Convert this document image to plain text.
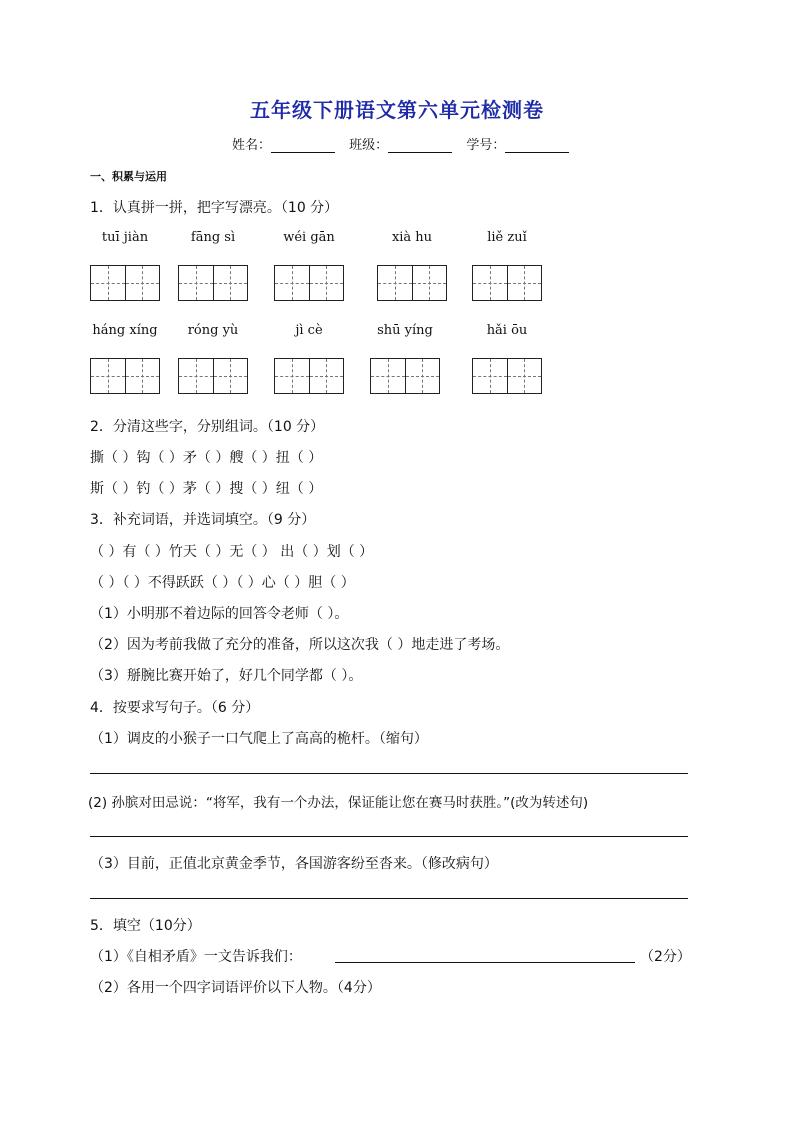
五年级下册语文第六单元检测卷
姓名：	班级：	学号：
一、积累与运用
1．认真拼一拼，把字写漂亮。（10 分）
tuī jiàn	fāng sì	wéi gān	xià hu	liě zuǐ
háng xíng	róng yù	jì cè	shū yíng	hǎi ōu
2．分清这些字，分别组词。（10 分）
撕（ ）钩（ ）矛（ ）艘（ ）扭（ ）
斯（ ）钓（ ）茅（ ）搜（ ）纽（ ）
3．补充词语，并选词填空。（9 分）
（ ）有（ ）竹天（ ）无（ ） 出（ ）划（ ）
（ ）（ ）不得跃跃（ ）（ ）心（ ）胆（ ）
（1）小明那不着边际的回答令老师（ ）。
（2）因为考前我做了充分的准备，所以这次我（ ）地走进了考场。
（3）掰腕比赛开始了，好几个同学都（ ）。
4．按要求写句子。（6 分）
（1）调皮的小猴子一口气爬上了高高的桅杆。（缩句）
(2) 孙膑对田忌说：“将军，我有一个办法，保证能让您在赛马时获胜。”(改为转述句)
（3）目前，正值北京黄金季节，各国游客纷至沓来。（修改病句）
5．填空（10分）
（1）《自相矛盾》一文告诉我们：	（2分）
（2）各用一个四字词语评价以下人物。（4分）
